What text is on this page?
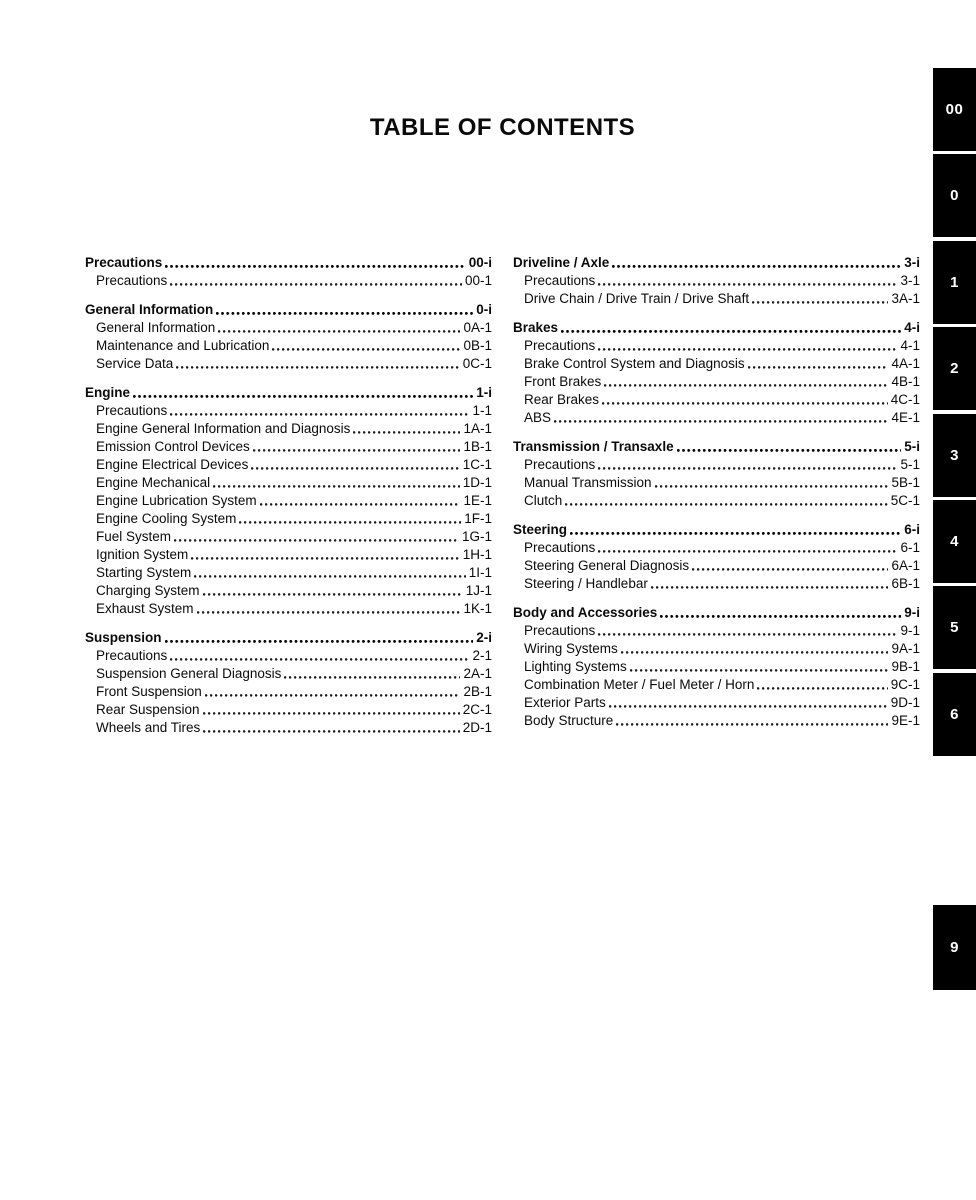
TABLE OF CONTENTS
Precautions	00-i
Precautions	00-1
General Information	0-i
General Information	0A-1
Maintenance and Lubrication	0B-1
Service Data	0C-1
Engine	1-i
Precautions	1-1
Engine General Information and Diagnosis	1A-1
Emission Control Devices	1B-1
Engine Electrical Devices	1C-1
Engine Mechanical	1D-1
Engine Lubrication System	1E-1
Engine Cooling System	1F-1
Fuel System	1G-1
Ignition System	1H-1
Starting System	1I-1
Charging System	1J-1
Exhaust System	1K-1
Suspension	2-i
Precautions	2-1
Suspension General Diagnosis	2A-1
Front Suspension	2B-1
Rear Suspension	2C-1
Wheels and Tires	2D-1
Driveline / Axle	3-i
Precautions	3-1
Drive Chain / Drive Train / Drive Shaft	3A-1
Brakes	4-i
Precautions	4-1
Brake Control System and Diagnosis	4A-1
Front Brakes	4B-1
Rear Brakes	4C-1
ABS	4E-1
Transmission / Transaxle	5-i
Precautions	5-1
Manual Transmission	5B-1
Clutch	5C-1
Steering	6-i
Precautions	6-1
Steering General Diagnosis	6A-1
Steering / Handlebar	6B-1
Body and Accessories	9-i
Precautions	9-1
Wiring Systems	9A-1
Lighting Systems	9B-1
Combination Meter / Fuel Meter / Horn	9C-1
Exterior Parts	9D-1
Body Structure	9E-1
00
0
1
2
3
4
5
6
9
